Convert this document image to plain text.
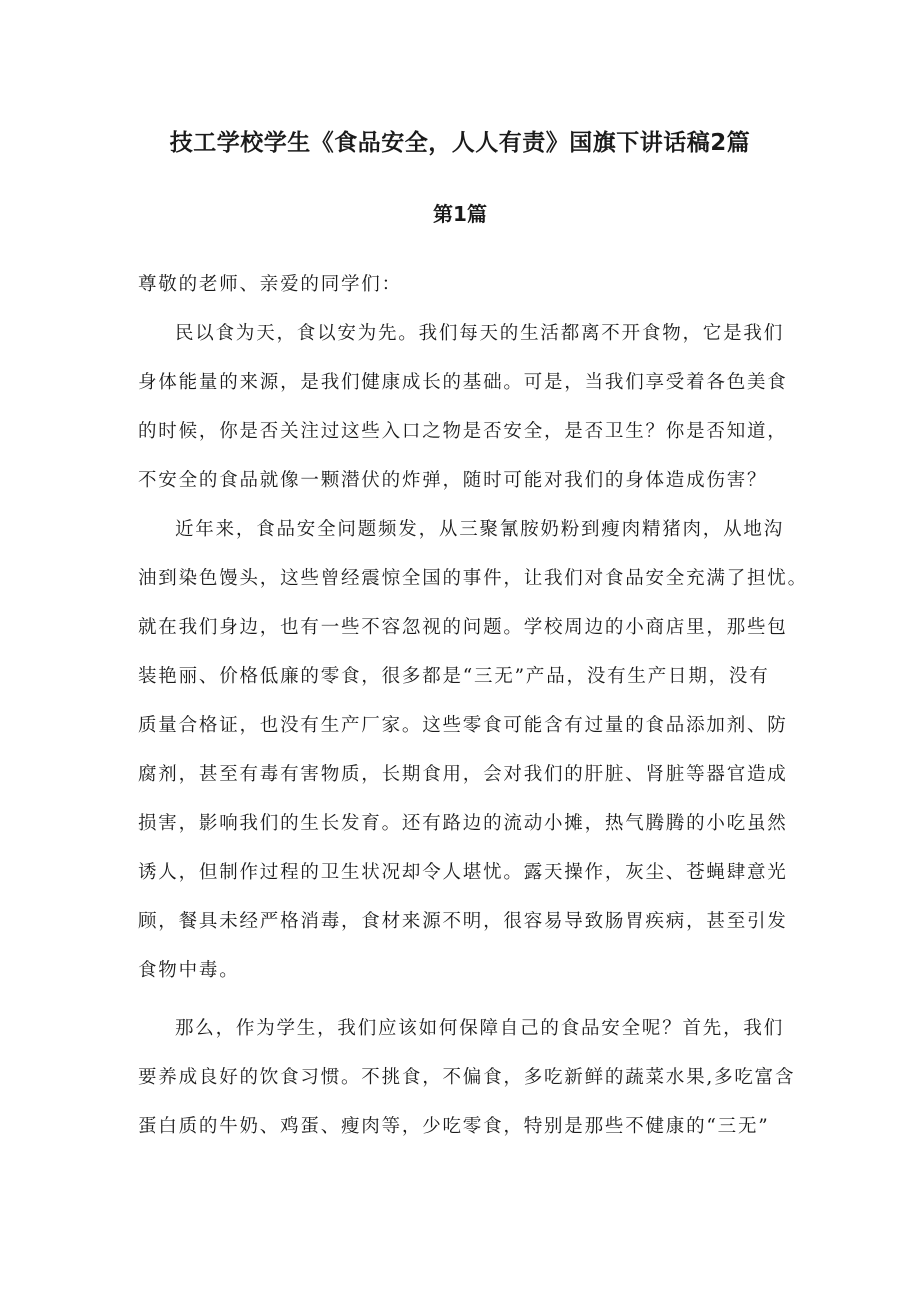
技工学校学生《食品安全，人人有责》国旗下讲话稿2篇
第1篇
尊敬的老师、亲爱的同学们：
民以食为天，食以安为先。我们每天的生活都离不开食物，它是我们
身体能量的来源，是我们健康成长的基础。可是，当我们享受着各色美食
的时候，你是否关注过这些入口之物是否安全，是否卫生？你是否知道，
不安全的食品就像一颗潜伏的炸弹，随时可能对我们的身体造成伤害？
近年来，食品安全问题频发，从三聚氰胺奶粉到瘦肉精猪肉，从地沟
油到染色馒头，这些曾经震惊全国的事件，让我们对食品安全充满了担忧。
就在我们身边，也有一些不容忽视的问题。学校周边的小商店里，那些包
装艳丽、价格低廉的零食，很多都是“三无”产品，没有生产日期，没有
质量合格证，也没有生产厂家。这些零食可能含有过量的食品添加剂、防
腐剂，甚至有毒有害物质，长期食用，会对我们的肝脏、肾脏等器官造成
损害，影响我们的生长发育。还有路边的流动小摊，热气腾腾的小吃虽然
诱人，但制作过程的卫生状况却令人堪忧。露天操作，灰尘、苍蝇肆意光
顾，餐具未经严格消毒，食材来源不明，很容易导致肠胃疾病，甚至引发
食物中毒。
那么，作为学生，我们应该如何保障自己的食品安全呢？首先，我们
要养成良好的饮食习惯。不挑食，不偏食，多吃新鲜的蔬菜水果,多吃富含
蛋白质的牛奶、鸡蛋、瘦肉等，少吃零食，特别是那些不健康的“三无”
